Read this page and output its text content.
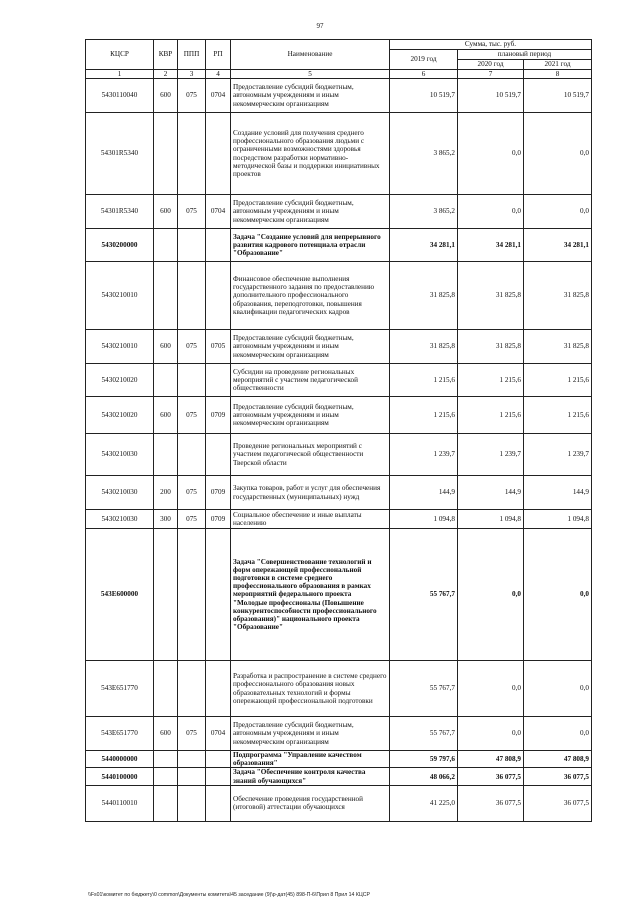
97
КЦСР	КВР	ППП	РП	Наименование	Сумма, тыс. руб.		
					2019 год	плановый период	
						2020 год	2021 год
1	2	3	4	5	6	7	8
5430110040	600	075	0704	Предоставление субсидий бюджетным, автономным учреждениям и иным некоммерческим организациям	10 519,7	10 519,7	10 519,7
54301R5340				Создание условий для получения среднего профессионального образования людьми с ограниченными возможностями здоровья посредством разработки нормативно-методической базы и поддержки инициативных проектов	3 865,2	0,0	0,0
54301R5340	600	075	0704	Предоставление субсидий бюджетным, автономным учреждениям и иным некоммерческим организациям	3 865,2	0,0	0,0
5430200000				Задача "Создание условий для непрерывного развития кадрового потенциала отрасли "Образование"	34 281,1	34 281,1	34 281,1
5430210010				Финансовое обеспечение выполнения государственного задания по предоставлению дополнительного профессионального образования, переподготовки, повышения квалификации педагогических кадров	31 825,8	31 825,8	31 825,8
5430210010	600	075	0705	Предоставление субсидий бюджетным, автономным учреждениям и иным некоммерческим организациям	31 825,8	31 825,8	31 825,8
5430210020				Субсидии на проведение региональных мероприятий с участием педагогической общественности	1 215,6	1 215,6	1 215,6
5430210020	600	075	0709	Предоставление субсидий бюджетным, автономным учреждениям и иным некоммерческим организациям	1 215,6	1 215,6	1 215,6
5430210030				Проведение региональных мероприятий с участием педагогической общественности Тверской области	1 239,7	1 239,7	1 239,7
5430210030	200	075	0709	Закупка товаров, работ и услуг для обеспечения государственных (муниципальных) нужд	144,9	144,9	144,9
5430210030	300	075	0709	Социальное обеспечение и иные выплаты населению	1 094,8	1 094,8	1 094,8
543E600000				Задача "Совершенствование технологий и форм опережающей профессиональной подготовки в системе среднего профессионального образования в рамках мероприятий федерального проекта "Молодые профессионалы (Повышение конкурентоспособности профессионального образования)" национального проекта "Образование"	55 767,7	0,0	0,0
543E651770				Разработка и распространение в системе среднего профессионального образования новых образовательных технологий и формы опережающей профессиональной подготовки	55 767,7	0,0	0,0
543E651770	600	075	0704	Предоставление субсидий бюджетным, автономным учреждениям и иным некоммерческим организациям	55 767,7	0,0	0,0
5440000000				Подпрограмма "Управление качеством образования"	59 797,6	47 808,9	47 808,9
5440100000				Задача "Обеспечение контроля качества знаний обучающихся"	48 066,2	36 077,5	36 077,5
5440110010				Обеспечение проведения государственной (итоговой) аттестации обучающихся	41 225,0	36 077,5	36 077,5
\\Fs01\комитет по бюджету\0 common\Документы комитета\45 заседание (9)\р-дат(45) 898-П-6\Прил 8 Прил 14 КЦСР
